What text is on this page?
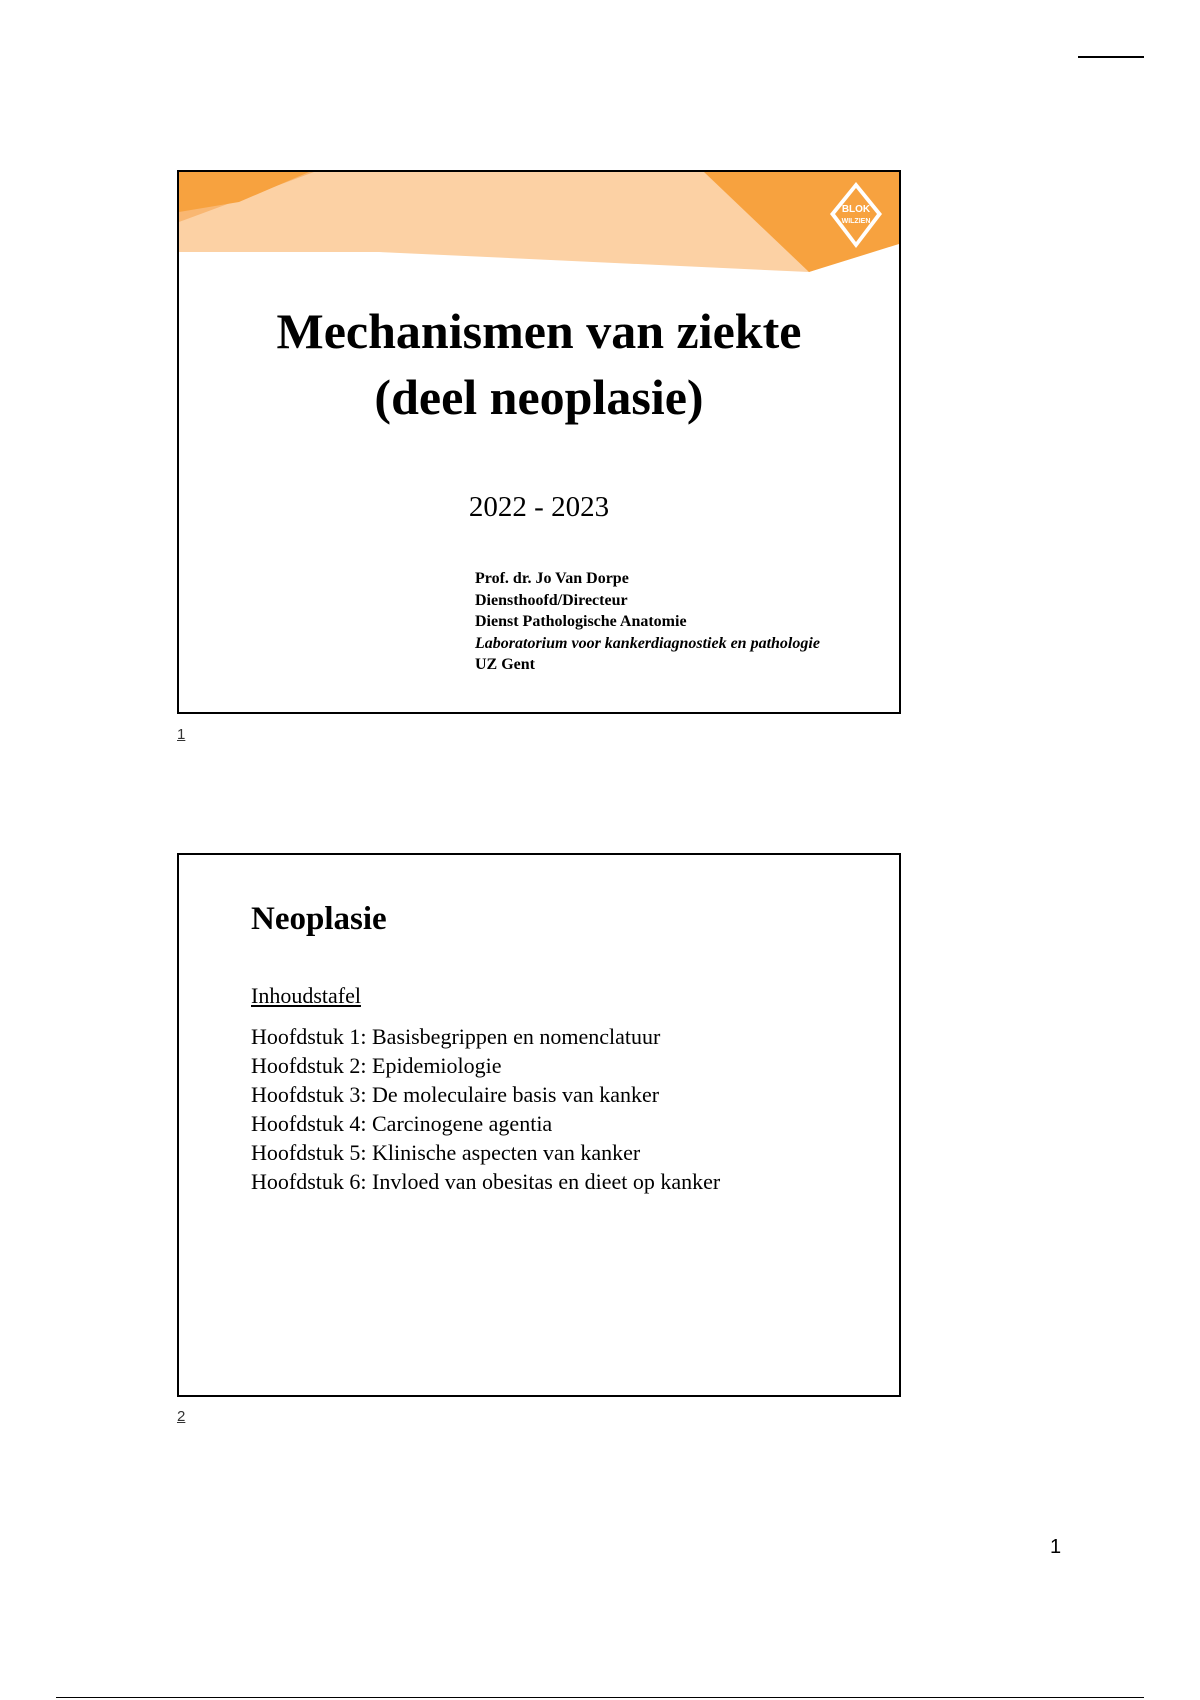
BLOK
WILZIEN
Mechanismen van ziekte
(deel neoplasie)
2022 - 2023
Prof. dr. Jo Van Dorpe
Diensthoofd/Directeur
Dienst Pathologische Anatomie
Laboratorium voor kankerdiagnostiek en pathologie
UZ Gent
1
Neoplasie
Inhoudstafel
Hoofdstuk 1: Basisbegrippen en nomenclatuur
Hoofdstuk 2: Epidemiologie
Hoofdstuk 3: De moleculaire basis van kanker
Hoofdstuk 4: Carcinogene agentia
Hoofdstuk 5: Klinische aspecten van kanker
Hoofdstuk 6: Invloed van obesitas en dieet op kanker
2
1
